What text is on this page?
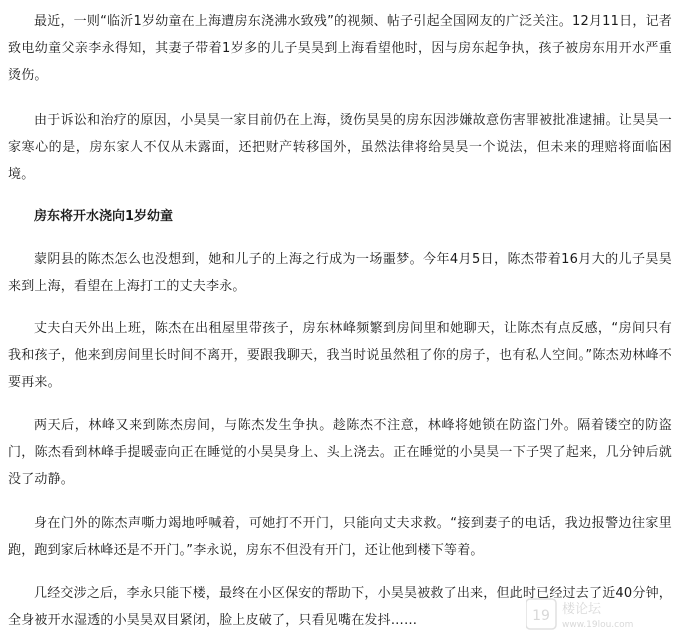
最近，一则“临沂1岁幼童在上海遭房东浇沸水致残”的视频、帖子引起全国网友的广泛关注。12月11日，记者致电幼童父亲李永得知，其妻子带着1岁多的儿子昊昊到上海看望他时，因与房东起争执，孩子被房东用开水严重烫伤。

由于诉讼和治疗的原因，小昊昊一家目前仍在上海，烫伤昊昊的房东因涉嫌故意伤害罪被批准逮捕。让昊昊一家寒心的是，房东家人不仅从未露面，还把财产转移国外，虽然法律将给昊昊一个说法，但未来的理赔将面临困境。

房东将开水浇向1岁幼童

蒙阴县的陈杰怎么也没想到，她和儿子的上海之行成为一场噩梦。今年4月5日，陈杰带着16月大的儿子昊昊来到上海，看望在上海打工的丈夫李永。

丈夫白天外出上班，陈杰在出租屋里带孩子，房东林峰频繁到房间里和她聊天，让陈杰有点反感，“房间只有我和孩子，他来到房间里长时间不离开，要跟我聊天，我当时说虽然租了你的房子，也有私人空间。”陈杰劝林峰不要再来。

两天后，林峰又来到陈杰房间，与陈杰发生争执。趁陈杰不注意，林峰将她锁在防盗门外。隔着镂空的防盗门，陈杰看到林峰手提暖壶向正在睡觉的小昊昊身上、头上浇去。正在睡觉的小昊昊一下子哭了起来，几分钟后就没了动静。

身在门外的陈杰声嘶力竭地呼喊着，可她打不开门，只能向丈夫求救。“接到妻子的电话，我边报警边往家里跑，跑到家后林峰还是不开门。”李永说，房东不但没有开门，还让他到楼下等着。

几经交涉之后，李永只能下楼，最终在小区保安的帮助下，小昊昊被救了出来，但此时已经过去了近40分钟，全身被开水湿透的小昊昊双目紧闭，脸上皮破了，只看见嘴在发抖……	19 楼论坛
www.19lou.com
